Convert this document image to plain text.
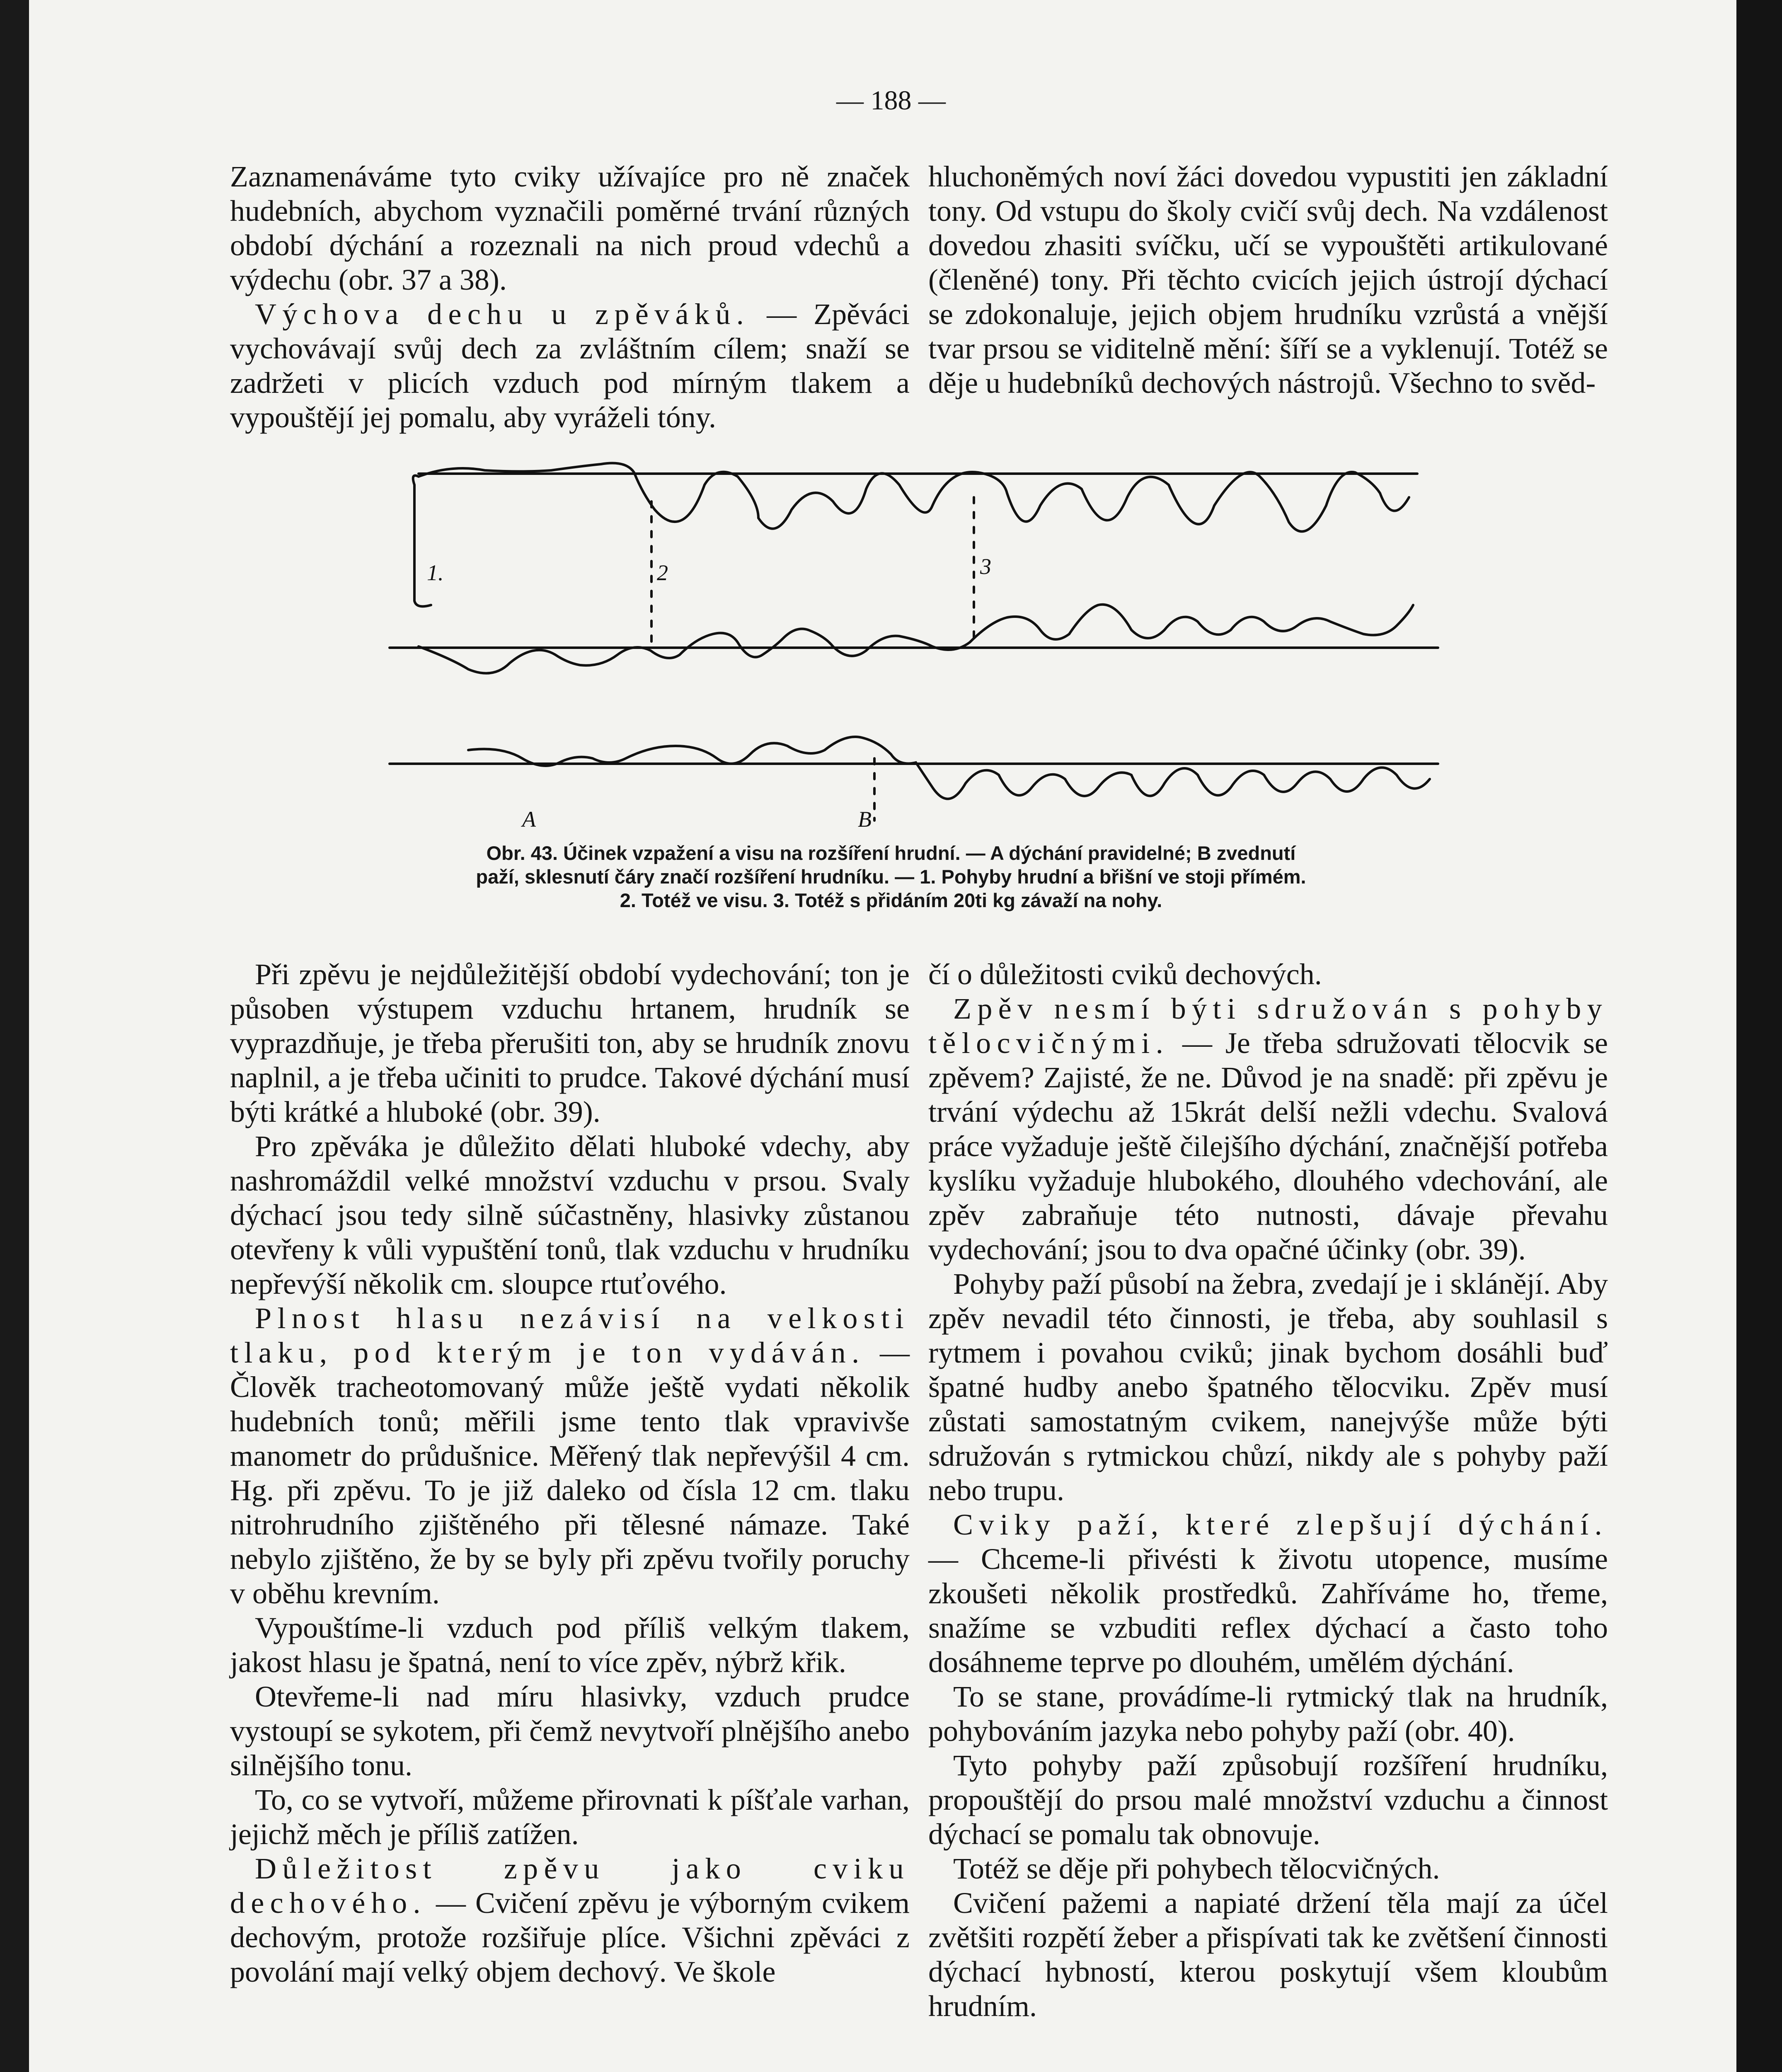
— 188 —

Zaznamenáváme tyto cviky užívajíce pro ně značek hudebních, abychom vyznačili poměrné trvání různých období dýchání a rozeznali na nich proud vdechů a výdechu (obr. 37 a 38).

Výchova dechu u zpěváků. — Zpěváci vychovávají svůj dech za zvláštním cílem; snaží se zadržeti v plicích vzduch pod mírným tlakem a vypouštějí jej pomalu, aby vyráželi tóny.

hluchoněmých noví žáci dovedou vypustiti jen základní tony. Od vstupu do školy cvičí svůj dech. Na vzdálenost dovedou zhasiti svíčku, učí se vypouštěti artikulované (členěné) tony. Při těchto cvicích jejich ústrojí dýchací se zdokonaluje, jejich objem hrudníku vzrůstá a vnější tvar prsou se viditelně mění: šíří se a vyklenují. Totéž se děje u hudebníků dechových nástrojů. Všechno to svěd-

1.	2	3
A	B

Obr. 43. Účinek vzpažení a visu na rozšíření hrudní. — A dýchání pravidelné; B zvednutí

paží, sklesnutí čáry značí rozšíření hrudníku. — 1. Pohyby hrudní a břišní ve stoji přímém.

2. Totéž ve visu. 3. Totéž s přidáním 20ti kg závaží na nohy.

Při zpěvu je nejdůležitější období vydechování; ton je působen výstupem vzduchu hrtanem, hrudník se vyprazdňuje, je třeba přerušiti ton, aby se hrudník znovu naplnil, a je třeba učiniti to prudce. Takové dýchání musí býti krátké a hluboké (obr. 39).

Pro zpěváka je důležito dělati hluboké vdechy, aby nashromáždil velké množství vzduchu v prsou. Svaly dýchací jsou tedy silně súčastněny, hlasivky zůstanou otevřeny k vůli vypuštění tonů, tlak vzduchu v hrudníku nepřevýší několik cm. sloupce rtuťového.

Plnost hlasu nezávisí na velkosti tlaku, pod kterým je ton vydáván. — Člověk tracheotomovaný může ještě vydati několik hudebních tonů; měřili jsme tento tlak vpravivše manometr do průdušnice. Měřený tlak nepřevýšil 4 cm. Hg. při zpěvu. To je již daleko od čísla 12 cm. tlaku nitrohrudního zjištěného při tělesné námaze. Také nebylo zjištěno, že by se byly při zpěvu tvořily poruchy v oběhu krevním.

Vypouštíme-li vzduch pod příliš velkým tlakem, jakost hlasu je špatná, není to více zpěv, nýbrž křik.

Otevřeme-li nad míru hlasivky, vzduch prudce vystoupí se sykotem, při čemž nevytvoří plnějšího anebo silnějšího tonu.

To, co se vytvoří, můžeme přirovnati k píšťale varhan, jejichž měch je příliš zatížen.

Důležitost zpěvu jako cviku dechového. — Cvičení zpěvu je výborným cvikem dechovým, protože rozšiřuje plíce. Všichni zpěváci z povolání mají velký objem dechový. Ve škole

čí o důležitosti cviků dechových.

Zpěv nesmí býti sdružován s pohyby tělocvičnými. — Je třeba sdružovati tělocvik se zpěvem? Zajisté, že ne. Důvod je na snadě: při zpěvu je trvání výdechu až 15krát delší nežli vdechu. Svalová práce vyžaduje ještě čilejšího dýchání, značnější potřeba kyslíku vyžaduje hlubokého, dlouhého vdechování, ale zpěv zabraňuje této nutnosti, dávaje převahu vydechování; jsou to dva opačné účinky (obr. 39).

Pohyby paží působí na žebra, zvedají je i sklánějí. Aby zpěv nevadil této činnosti, je třeba, aby souhlasil s rytmem i povahou cviků; jinak bychom dosáhli buď špatné hudby anebo špatného tělocviku. Zpěv musí zůstati samostatným cvikem, nanejvýše může býti sdružován s rytmickou chůzí, nikdy ale s pohyby paží nebo trupu.

Cviky paží, které zlepšují dýchání. — Chceme-li přivésti k životu utopence, musíme zkoušeti několik prostředků. Zahříváme ho, třeme, snažíme se vzbuditi reflex dýchací a často toho dosáhneme teprve po dlouhém, umělém dýchání.

To se stane, provádíme-li rytmický tlak na hrudník, pohybováním jazyka nebo pohyby paží (obr. 40).

Tyto pohyby paží způsobují rozšíření hrudníku, propouštějí do prsou malé množství vzduchu a činnost dýchací se pomalu tak obnovuje.

Totéž se děje při pohybech tělocvičných.

Cvičení pažemi a napiaté držení těla mají za účel zvětšiti rozpětí žeber a přispívati tak ke zvětšení činnosti dýchací hybností, kterou poskytují všem kloubům hrudním.
